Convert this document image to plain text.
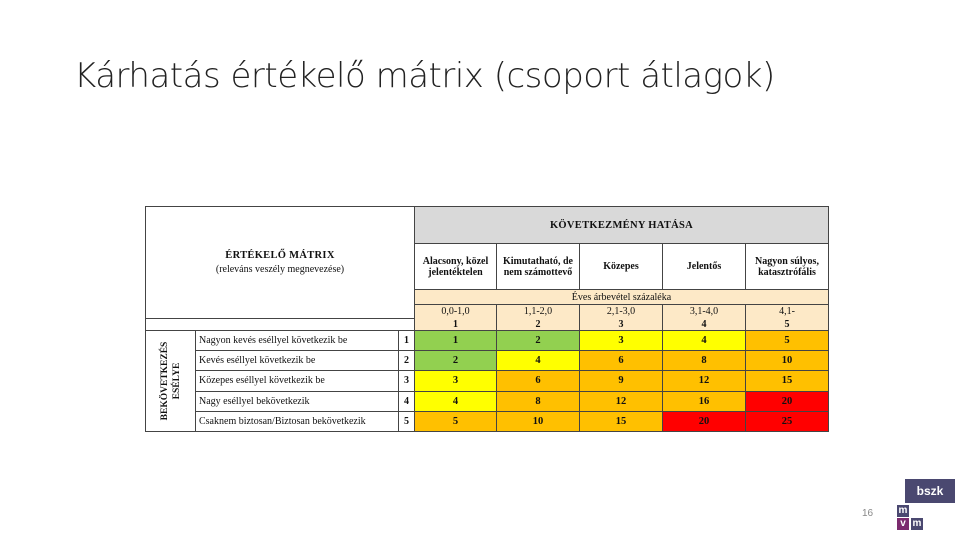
Kárhatás értékelő mátrix (csoport átlagok)
ÉRTÉKELŐ MÁTRIX
(releváns veszély megnevezése)			KÖVETKEZMÉNY HATÁSA				
			Alacsony, közel jelentéktelen	Kimutatható, de nem számottevő	Közepes	Jelentős	Nagyon súlyos, katasztrófális
			Éves árbevétel százaléka				
			0,0-1,0	1,1-2,0	2,1-3,0	3,1-4,0	4,1-
			1	2	3	4	5

BEKÖVETKEZÉS ESÉLYE	Nagyon kevés eséllyel következik be	1	1	2	3	4	5
	Kevés eséllyel következik be	2	2	4	6	8	10
	Közepes eséllyel következik be	3	3	6	9	12	15
	Nagy eséllyel bekövetkezik	4	4	8	12	16	20
	Csaknem biztosan/Biztosan bekövetkezik	5	5	10	15	20	25
16
bszk
m
v m
